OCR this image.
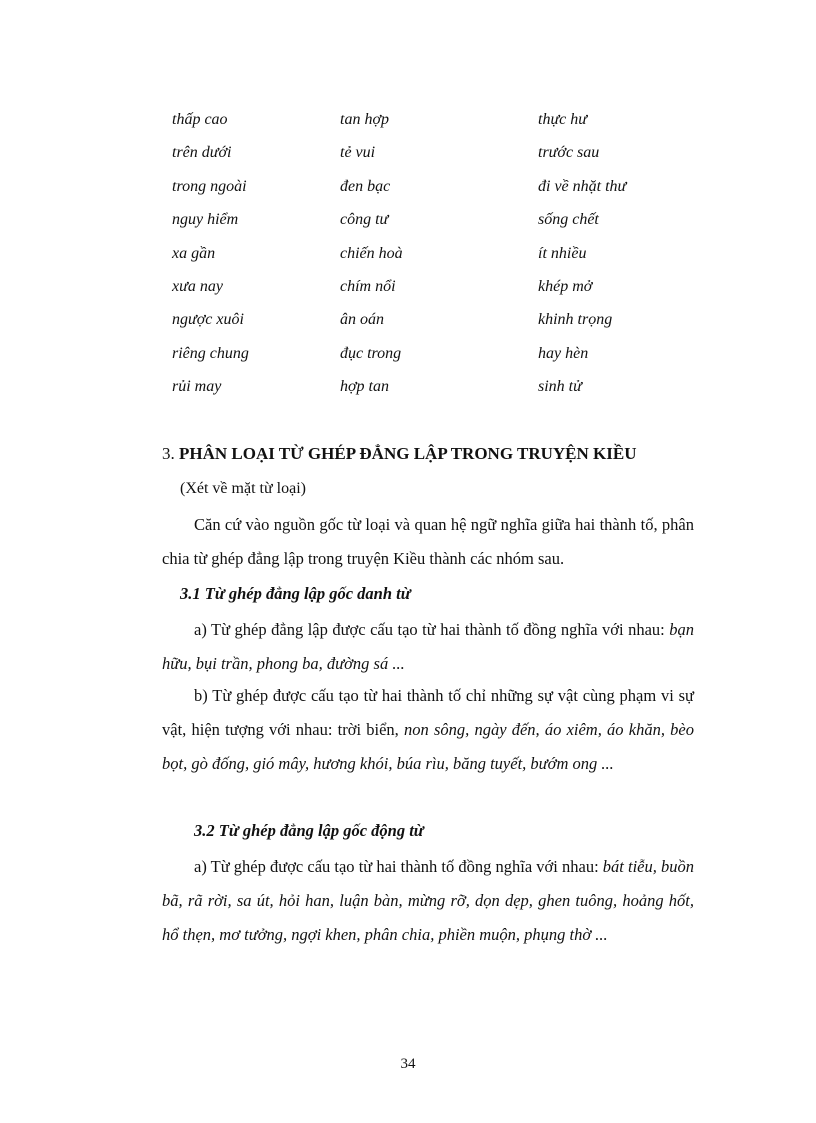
thấp cao	tan hợp	thực hư
trên dưới	tẻ vui	trước sau
trong ngoài	đen bạc	đi về nhặt thư
nguy hiểm	công tư	sống chết
xa gần	chiến hoà	ít nhiều
xưa nay	chím nổi	khép mở
ngược xuôi	ân oán	khinh trọng
riêng chung	đục trong	hay hèn
rủi may	hợp tan	sinh tử
3. PHÂN LOẠI TỪ GHÉP ĐẲNG LẬP TRONG TRUYỆN KIỀU
(Xét về mặt từ loại)
Căn cứ vào nguồn gốc từ loại và quan hệ ngữ nghĩa giữa hai thành tố, phân chia từ ghép đẳng lập trong truyện Kiều thành các nhóm sau.
3.1 Từ ghép đẳng lập gốc danh từ
a) Từ ghép đẳng lập được cấu tạo từ hai thành tố đồng nghĩa với nhau: bạn hữu, bụi trần, phong ba, đường sá ...
b) Từ ghép được cấu tạo từ hai thành tố chỉ những sự vật cùng phạm vi sự vật, hiện tượng với nhau: trời biển, non sông, ngày đến, áo xiêm, áo khăn, bèo bọt, gò đống, gió mây, hương khói, búa rìu, băng tuyết, bướm ong ...
3.2 Từ ghép đẳng lập gốc động từ
a) Từ ghép được cấu tạo từ hai thành tố đồng nghĩa với nhau: bát tiễu, buồn bã, rã rời, sa út, hỏi han, luận bàn, mừng rỡ, dọn dẹp, ghen tuông, hoảng hốt, hổ thẹn, mơ tưởng, ngợi khen, phân chia, phiền muộn, phụng thờ ...
34
